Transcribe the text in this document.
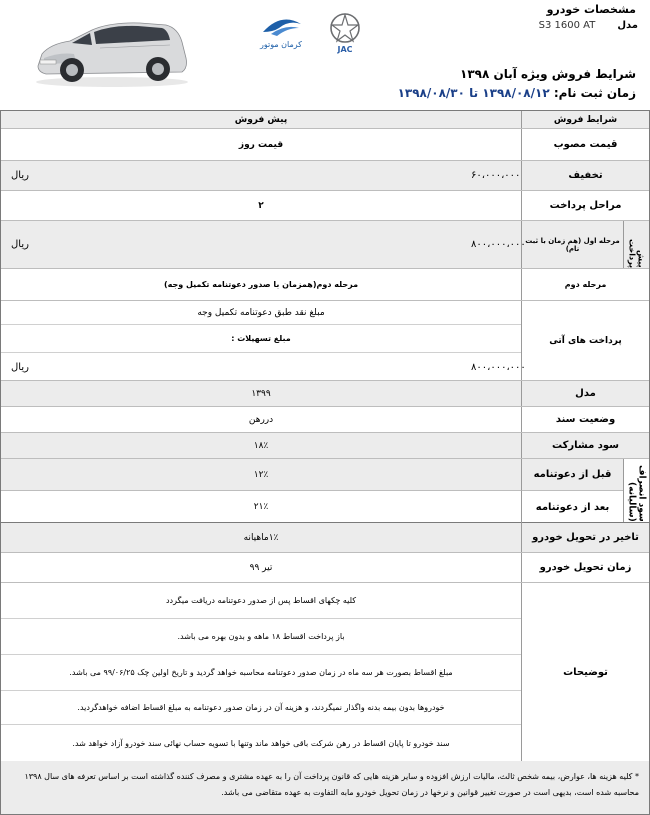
مشخصات خودرو
مدل
S3 1600 AT
کرمان موتور
JAC
شرایط فروش ویژه آبان ۱۳۹۸
زمان ثبت نام: ۱۳۹۸/۰۸/۱۲ تا ۱۳۹۸/۰۸/۳۰
شرایط فروش
پیش فروش
قیمت مصوب
قیمت روز
تخفیف
۶۰،۰۰۰،۰۰۰
ریال
مراحل پرداخت
۲
پیش پرداخت
مرحله اول (هم زمان با ثبت نام)
۸۰۰،۰۰۰،۰۰۰
ریال
مرحله دوم
مرحله دوم(همزمان با صدور دعوتنامه تکمیل وجه)
پرداخت های آتی
مبلغ نقد طبق دعوتنامه تکمیل وجه
مبلغ تسهیلات :
۸۰۰،۰۰۰،۰۰۰
ریال
مدل
۱۳۹۹
وضعیت سند
دررهن
سود مشارکت
۱۸٪
سود انصراف (سالیانه)
قبل از دعوتنامه
۱۲٪
بعد از دعوتنامه
۲۱٪
تاخیر در تحویل خودرو
۱٪ماهیانه
زمان تحویل خودرو
تیر ۹۹
توضیحات
کلیه چکهای اقساط پس از صدور دعوتنامه دریافت میگردد
باز پرداخت اقساط ۱۸ ماهه و بدون بهره می باشد.
مبلغ اقساط بصورت هر سه ماه در زمان صدور دعوتنامه محاسبه خواهد گردید و تاریخ اولین چک ۹۹/۰۶/۲۵ می باشد.
خودروها بدون بیمه بدنه واگذار نمیگردند، و هزینه آن در زمان صدور دعوتنامه به مبلغ اقساط اضافه خواهدگردید.
سند خودرو تا پایان اقساط در رهن شرکت باقی خواهد ماند وتنها با تسویه حساب نهائی سند خودرو آزاد خواهد شد.
* کلیه هزینه ها، عوارض، بیمه شخص ثالث، مالیات ارزش افزوده و سایر هزینه هایی که قانون پرداخت آن را به عهده مشتری و مصرف کننده گذاشته است بر اساس تعرفه های سال ۱۳۹۸
محاسبه شده است، بدیهی است در صورت تغییر قوانین و نرخها در زمان تحویل خودرو مابه التفاوت به عهده متقاضی می باشد.
